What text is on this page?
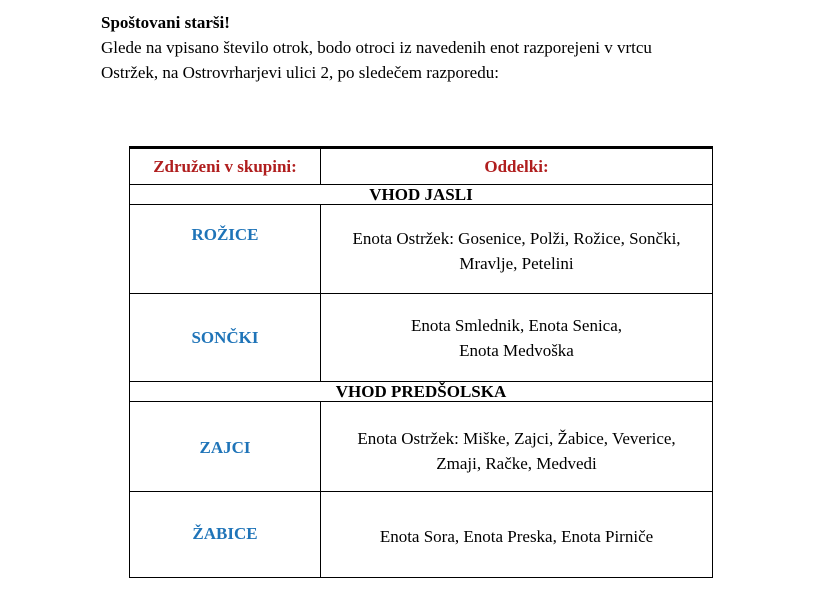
Spoštovani starši!
Glede na vpisano število otrok, bodo otroci iz navedenih enot razporejeni v vrtcu
Ostržek, na Ostrovrharjevi ulici 2, po sledečem razporedu:
Združeni v skupini:	Oddelki:
VHOD JASLI	
ROŽICE	Enota Ostržek: Gosenice, Polži, Rožice, Sončki,
Mravlje, Petelini

SONČKI	Enota Smlednik, Enota Senica,
Enota Medvoška

VHOD PREDŠOLSKA	
ZAJCI	Enota Ostržek: Miške, Zajci, Žabice, Veverice,
Zmaji, Račke, Medvedi

ŽABICE	Enota Sora, Enota Preska, Enota Pirniče
